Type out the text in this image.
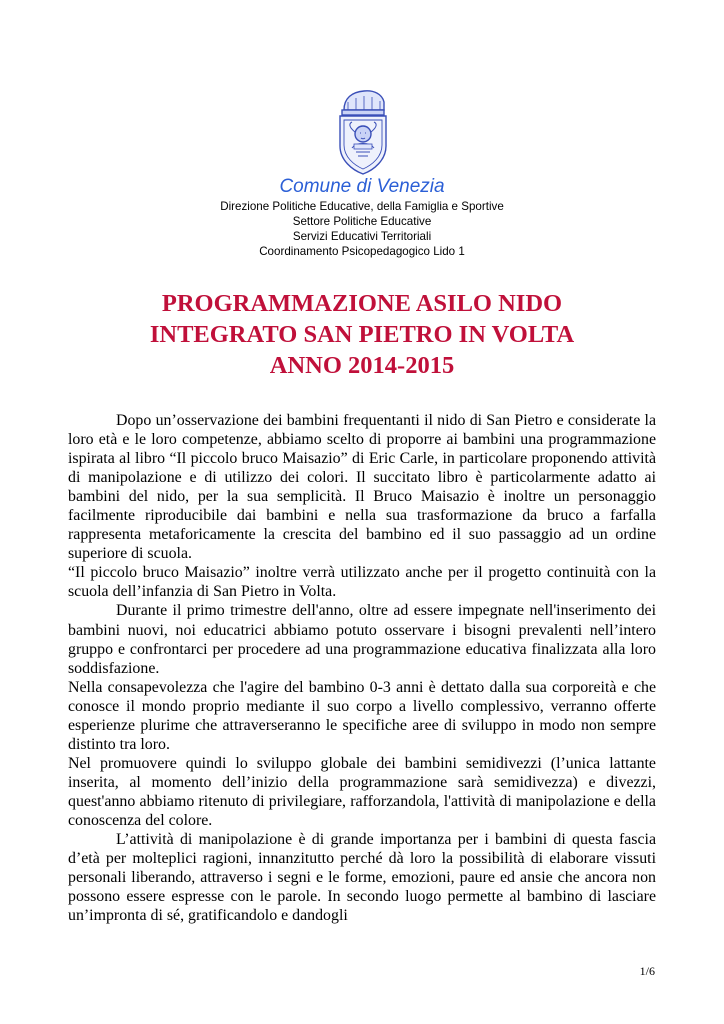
Comune di Venezia
Direzione Politiche Educative, della Famiglia e Sportive
Settore Politiche Educative
Servizi Educativi Territoriali
Coordinamento Psicopedagogico Lido 1
PROGRAMMAZIONE ASILO NIDO
INTEGRATO SAN PIETRO IN VOLTA
ANNO 2014-2015

Dopo un’osservazione dei bambini frequentanti il nido di San Pietro e considerate la loro età e le loro competenze, abbiamo scelto di proporre ai bambini una programmazione ispirata al libro “Il piccolo bruco Maisazio” di Eric Carle, in particolare proponendo attività di manipolazione e di utilizzo dei colori. Il succitato libro è particolarmente adatto ai bambini del nido, per la sua semplicità. Il Bruco Maisazio è inoltre un personaggio facilmente riproducibile dai bambini e nella sua trasformazione da bruco a farfalla rappresenta metaforicamente la crescita del bambino ed il suo passaggio ad un ordine superiore di scuola.

“Il piccolo bruco Maisazio” inoltre verrà utilizzato anche per il progetto continuità con la scuola dell’infanzia di San Pietro in Volta.

Durante il primo trimestre dell'anno, oltre ad essere impegnate nell'inserimento dei bambini nuovi, noi educatrici abbiamo potuto osservare i bisogni prevalenti nell’intero gruppo e confrontarci per procedere ad una programmazione educativa finalizzata alla loro soddisfazione.

Nella consapevolezza che l'agire del bambino 0-3 anni è dettato dalla sua corporeità e che conosce il mondo proprio mediante il suo corpo a livello complessivo, verranno offerte esperienze plurime che attraverseranno le specifiche aree di sviluppo in modo non sempre distinto tra loro.

Nel promuovere quindi lo sviluppo globale dei bambini semidivezzi (l’unica lattante inserita, al momento dell’inizio della programmazione sarà semidivezza) e divezzi, quest'anno abbiamo ritenuto di privilegiare, rafforzandola, l'attività di manipolazione e della conoscenza del colore.

L’attività di manipolazione è di grande importanza per i bambini di questa fascia d’età per molteplici ragioni, innanzitutto perché dà loro la possibilità di elaborare vissuti personali liberando, attraverso i segni e le forme, emozioni, paure ed ansie che ancora non possono essere espresse con le parole. In secondo luogo permette al bambino di lasciare un’impronta di sé, gratificandolo e dandogli

1/6
